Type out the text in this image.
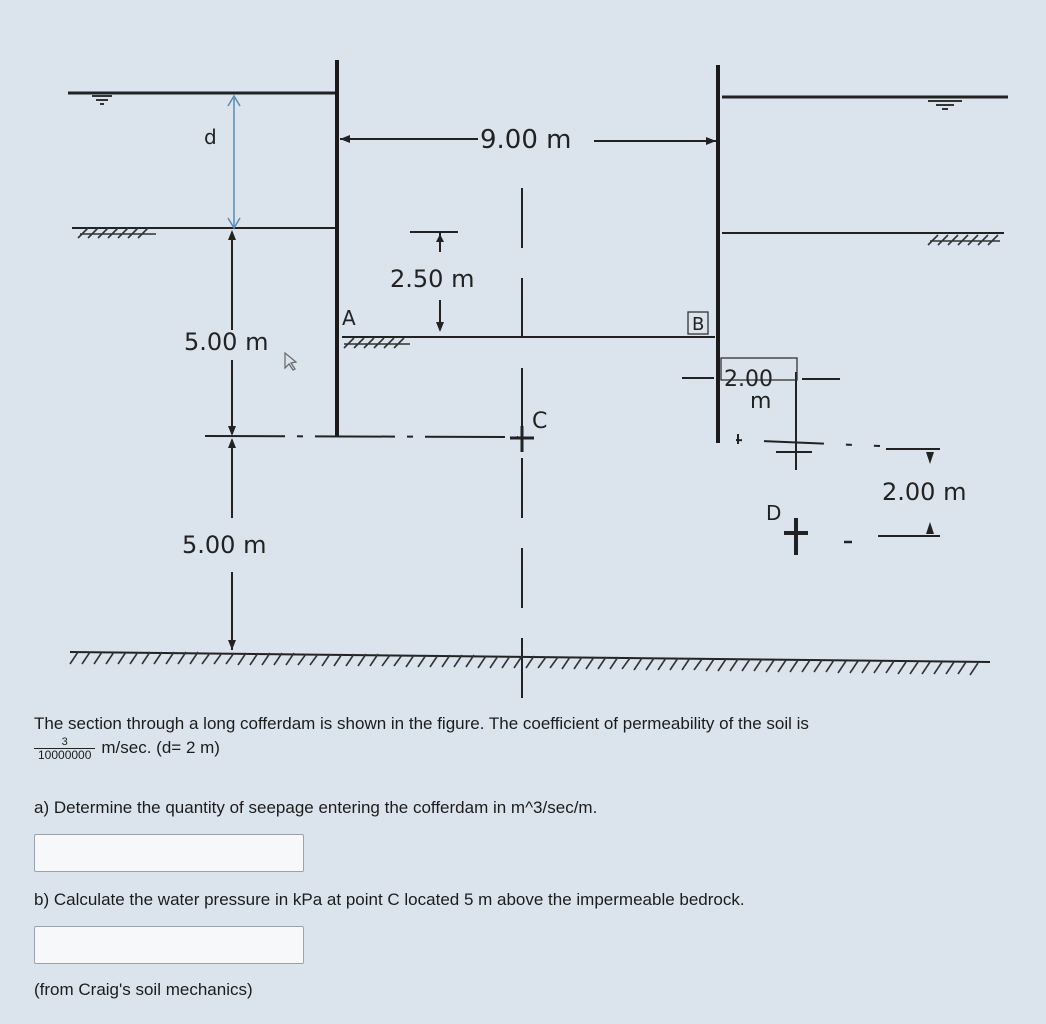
d
5.00 m
5.00 m
9.00 m
2.50 m
A	B
C
D
2.00
m
2.00 m

The section through a long cofferdam is shown in the figure. The coefficient of permeability of the soil is

$\frac{3}{10000000} m/\sec$. (d= 2 m)

a) Determine the quantity of seepage entering the cofferdam in m^3/sec/m.

b) Calculate the water pressure in kPa at point C located 5 m above the impermeable bedrock.

(from Craig's soil mechanics)
